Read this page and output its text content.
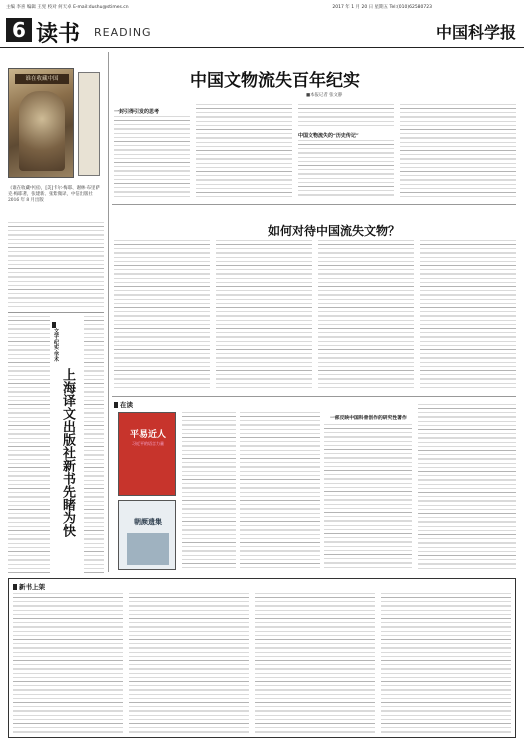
主编 李喜 编辑 王宪 校对 何天卓 E-mail:dushu@stimes.cn	2017 年 1 月 20 日 星期五 Tel:(010)62580723
6 读书 READING	中国科学报
谁在收藏中国
《谁在收藏中国》，[美]卡尔·梅耶、谢林·布里萨克·梅耶著，张建新、张紫微译，中信出版社 2016 年 8 月出版
文学·纪实·学术
上海译文出版社新书先睹为快
中国文物流失百年纪实
■本报记者 张文静
一封引得引发的思考
中国文物流失的“历史传记”
如何对待中国流失文物？
在读
平易近人
习近平的语言力量
朝颜遗集
一部反映中国科普创作的研究性著作
新书上架
